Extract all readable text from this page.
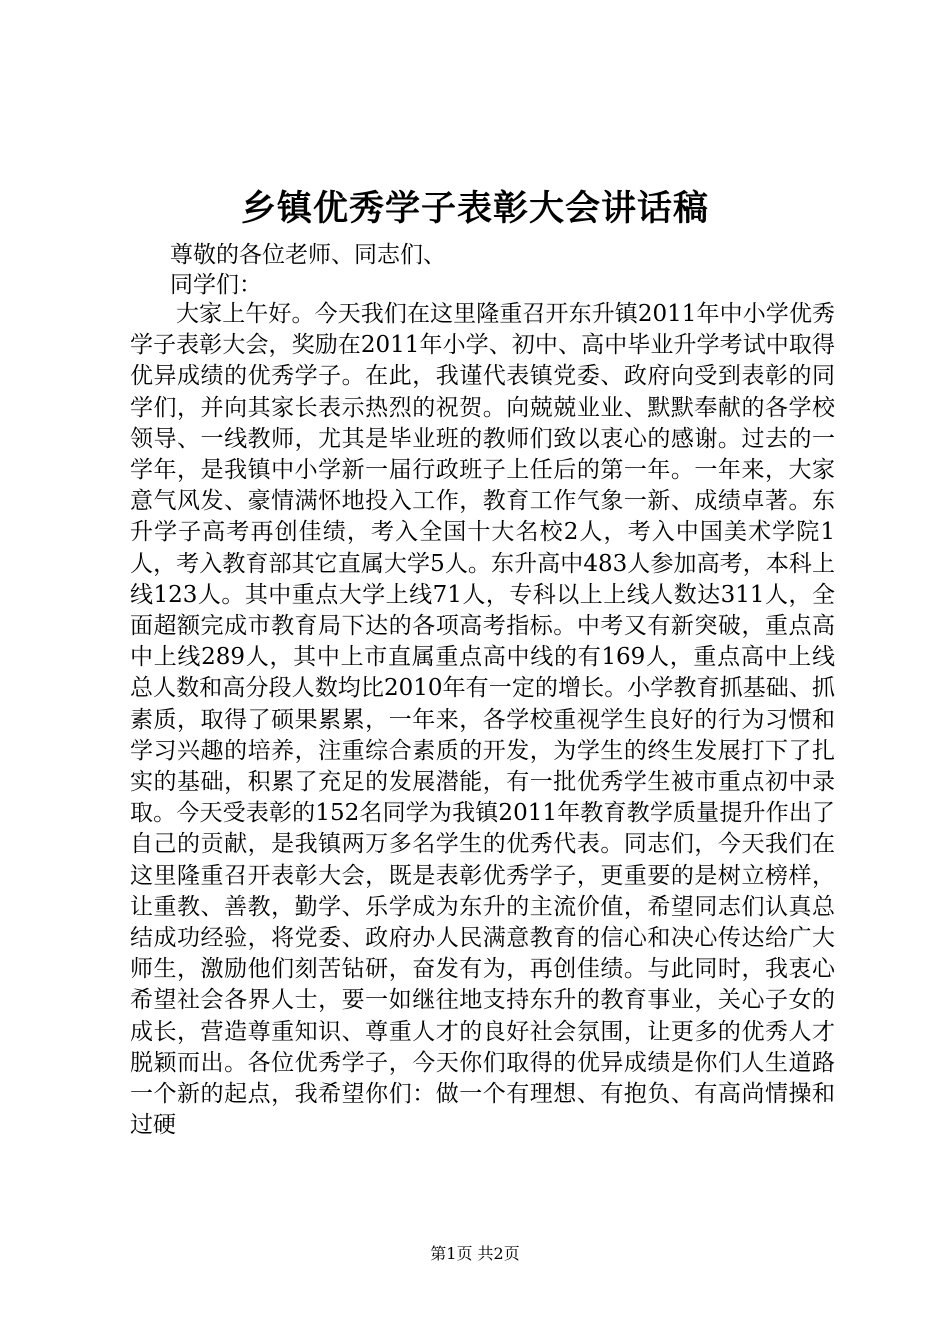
乡镇优秀学子表彰大会讲话稿
尊敬的各位老师、同志们、
同学们：

大家上午好。今天我们在这里隆重召开东升镇2011年中小学优秀学子表彰大会，奖励在2011年小学、初中、高中毕业升学考试中取得优异成绩的优秀学子。在此，我谨代表镇党委、政府向受到表彰的同学们，并向其家长表示热烈的祝贺。向兢兢业业、默默奉献的各学校领导、一线教师，尤其是毕业班的教师们致以衷心的感谢。过去的一学年，是我镇中小学新一届行政班子上任后的第一年。一年来，大家意气风发、豪情满怀地投入工作，教育工作气象一新、成绩卓著。东升学子高考再创佳绩，考入全国十大名校2人，考入中国美术学院1人，考入教育部其它直属大学5人。东升高中483人参加高考，本科上线123人。其中重点大学上线71人，专科以上上线人数达311人，全面超额完成市教育局下达的各项高考指标。中考又有新突破，重点高中上线289人，其中上市直属重点高中线的有169人，重点高中上线总人数和高分段人数均比2010年有一定的增长。小学教育抓基础、抓素质，取得了硕果累累，一年来，各学校重视学生良好的行为习惯和学习兴趣的培养，注重综合素质的开发，为学生的终生发展打下了扎实的基础，积累了充足的发展潜能，有一批优秀学生被市重点初中录取。今天受表彰的152名同学为我镇2011年教育教学质量提升作出了自己的贡献，是我镇两万多名学生的优秀代表。同志们，今天我们在这里隆重召开表彰大会，既是表彰优秀学子，更重要的是树立榜样，让重教、善教，勤学、乐学成为东升的主流价值，希望同志们认真总结成功经验，将党委、政府办人民满意教育的信心和决心传达给广大师生，激励他们刻苦钻研，奋发有为，再创佳绩。与此同时，我衷心希望社会各界人士，要一如继往地支持东升的教育事业，关心子女的成长，营造尊重知识、尊重人才的良好社会氛围，让更多的优秀人才脱颖而出。各位优秀学子，今天你们取得的优异成绩是你们人生道路一个新的起点，我希望你们：做一个有理想、有抱负、有高尚情操和过硬

第1页 共2页
